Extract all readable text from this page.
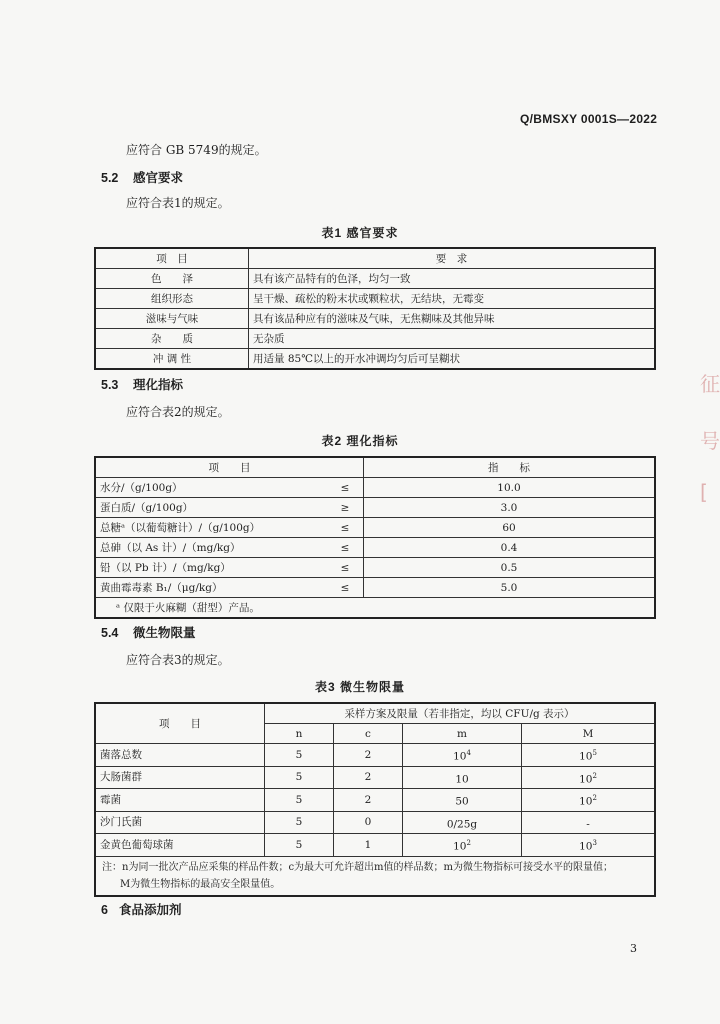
Q/BMSXY 0001S—2022
应符合 GB 5749的规定。
5.2 感官要求
应符合表1的规定。
表1 感官要求
项　目	要　求
色　　泽	具有该产品特有的色泽，均匀一致
组织形态	呈干燥、疏松的粉末状或颗粒状，无结块，无霉变
滋味与气味	具有该品种应有的滋味及气味，无焦糊味及其他异味
杂　　质	无杂质
冲 调 性	用适量 85℃以上的开水冲调均匀后可呈糊状
5.3 理化指标
应符合表2的规定。
表2 理化指标
项　　目		指　　标
水分/（g/100g）	≤	10.0
蛋白质/（g/100g）	≥	3.0
总糖ᵃ（以葡萄糖计）/（g/100g）	≤	60
总砷（以 As 计）/（mg/kg）	≤	0.4
铅（以 Pb 计）/（mg/kg）	≤	0.5
黄曲霉毒素 B₁/（μg/kg）	≤	5.0
ᵃ 仅限于火麻糊（甜型）产品。		
5.4 微生物限量
应符合表3的规定。
表3 微生物限量
项　　目	采样方案及限量（若非指定，均以 CFU/g 表示）			
	n	c	m	M
菌落总数	5	2	$10^4$	$10^5$
大肠菌群	5	2	10	$10^2$
霉菌	5	2	50	$10^2$
沙门氏菌	5	0	0/25g	-
金黄色葡萄球菌	5	1	$10^2$	$10^3$

注：n为同一批次产品应采集的样品件数；c为最大可允许超出m值的样品数；m为微生物指标可接受水平的限量值；
M为微生物指标的最高安全限量值。				
6 食品添加剂
3
征
号
[
